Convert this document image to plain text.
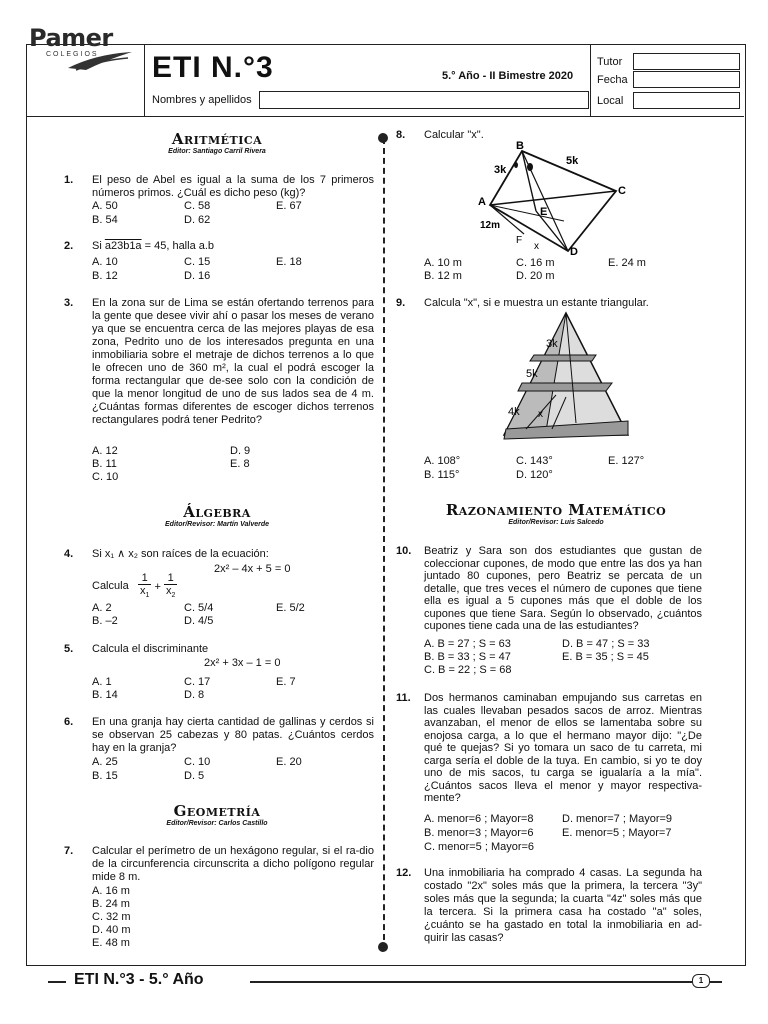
Pamer
COLEGIOS ETI N.°3	5.° Año - II Bimestre 2020
Nombres y apellidos
Tutor
Fecha
Local
Aritmética
Editor: Santiago Carril Rivera
1.	El peso de Abel es igual a la suma de los 7 primeros números primos. ¿Cuál es dicho peso (kg)?
A. 50
B. 54
C. 58
D. 62
E. 67
2.	Si a23b1a = 45, halla a.b
A. 10
B. 12
C. 15
D. 16
E. 18
3.	En la zona sur de Lima se están ofertando terrenos para la gente que desee vivir ahí o pasar los meses de verano ya que se encuentra cerca de las mejores playas de esa zona, Pedrito uno de los interesados pregunta en una inmobiliaria sobre el metraje de dichos terrenos a lo que le ofrecen uno de 360 m², la cual el podrá escoger la forma rectangular que de-see solo con la condición de que la menor longitud de uno de sus lados sea de 4 m. ¿Cuántas formas diferentes de escoger dichos terrenos rectangulares podrá tener Pedrito?
A. 12
B. 11
C. 10
D. 9
E. 8
Álgebra
Editor/Revisor: Martín Valverde
4.	Si x₁ ∧ x₂ son raíces de la ecuación:
2x² – 4x + 5 = 0
Calcula $\frac{1}{x_1} + \frac{1}{x_2}$
A. 2
B. –2
C. 5/4
D. 4/5
E. 5/2
5.	Calcula el discriminante
2x² + 3x – 1 = 0
A. 1
B. 14
C. 17
D. 8
E. 7
6.	En una granja hay cierta cantidad de gallinas y cerdos si se observan 25 cabezas y 80 patas. ¿Cuántos cerdos hay en la granja?
A. 25
B. 15
C. 10
D. 5
E. 20
Geometría
Editor/Revisor: Carlos Castillo
7.	Calcular el perímetro de un hexágono regular, si el ra-dio de la circunferencia circunscrita a dicho polígono regular mide 8 m.
A. 16 m
B. 24 m
C. 32 m
D. 40 m
E. 48 m
8.	Calcular "x".
B
C
A
D
E
F
3k
5k
12m
x
A. 10 m
B. 12 m
C. 16 m
D. 20 m
E. 24 m
9.	Calcula "x", si e muestra un estante triangular.
3k
5k
4k x
A. 108°
B. 115°
C. 143°
D. 120°
E. 127°
Razonamiento Matemático
Editor/Revisor: Luis Salcedo
10.	Beatriz y Sara son dos estudiantes que gustan de coleccionar cupones, de modo que entre las dos ya han juntado 80 cupones, pero Beatriz se percata de un detalle, que tres veces el número de cupones que tiene ella es igual a 5 cupones más que el doble de los cupones que tiene Sara. Según lo observado, ¿cuántos cupones tiene cada una de las estudiantes?
A. B = 27 ; S = 63
B. B = 33 ; S = 47
C. B = 22 ; S = 68
D. B = 47 ; S = 33
E. B = 35 ; S = 45
11.	Dos hermanos caminaban empujando sus carretas en las cuales llevaban pesados sacos de arroz. Mientras avanzaban, el menor de ellos se lamentaba sobre su enojosa carga, a lo que el hermano mayor dijo: "¿De qué te quejas? Si yo tomara un saco de tu carreta, mi carga sería el doble de la tuya. En cambio, si yo te doy uno de mis sacos, tu carga se igualaría a la mía". ¿Cuántos sacos lleva el menor y mayor respectiva-mente?
A. menor=6 ; Mayor=8
B. menor=3 ; Mayor=6
C. menor=5 ; Mayor=6
D. menor=7 ; Mayor=9
E. menor=5 ; Mayor=7
12.	Una inmobiliaria ha comprado 4 casas. La segunda ha costado "2x" soles más que la primera, la tercera "3y" soles más que la segunda; la cuarta "4z" soles más que la tercera. Si la primera casa ha costado "a" soles, ¿cuánto se ha gastado en total la inmobiliaria en ad-quirir las casas?
ETI N.°3 - 5.° Año	1
